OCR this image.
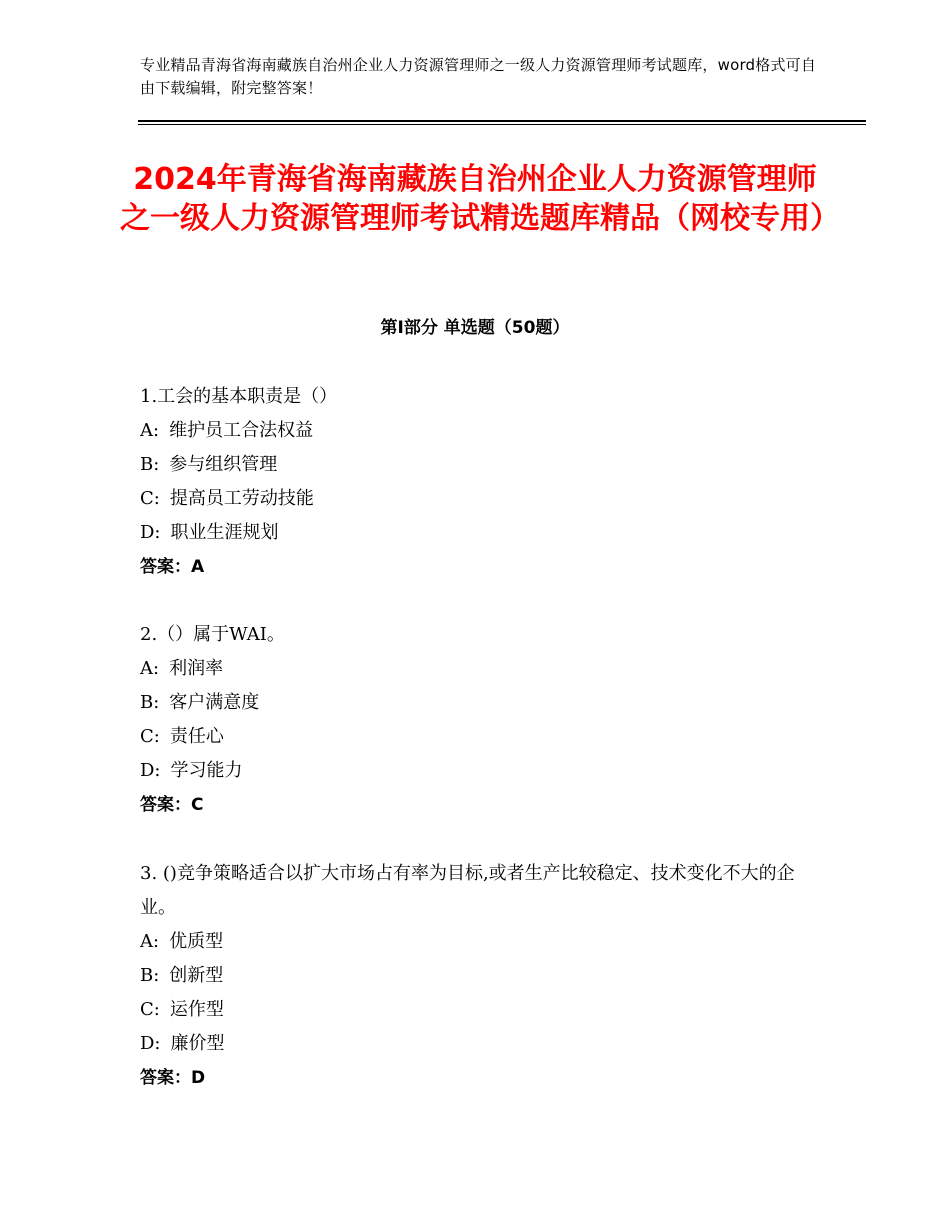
专业精品青海省海南藏族自治州企业人力资源管理师之一级人力资源管理师考试题库，word格式可自由下载编辑，附完整答案！
2024年青海省海南藏族自治州企业人力资源管理师之一级人力资源管理师考试精选题库精品（网校专用）
第Ⅰ部分 单选题（50题）
1.工会的基本职责是（）
A: 维护员工合法权益
B: 参与组织管理
C: 提高员工劳动技能
D: 职业生涯规划
答案：A
2.（）属于WAI。
A: 利润率
B: 客户满意度
C: 责任心
D: 学习能力
答案：C
3. ()竞争策略适合以扩大市场占有率为目标,或者生产比较稳定、技术变化不大的企业。
A: 优质型
B: 创新型
C: 运作型
D: 廉价型
答案：D
